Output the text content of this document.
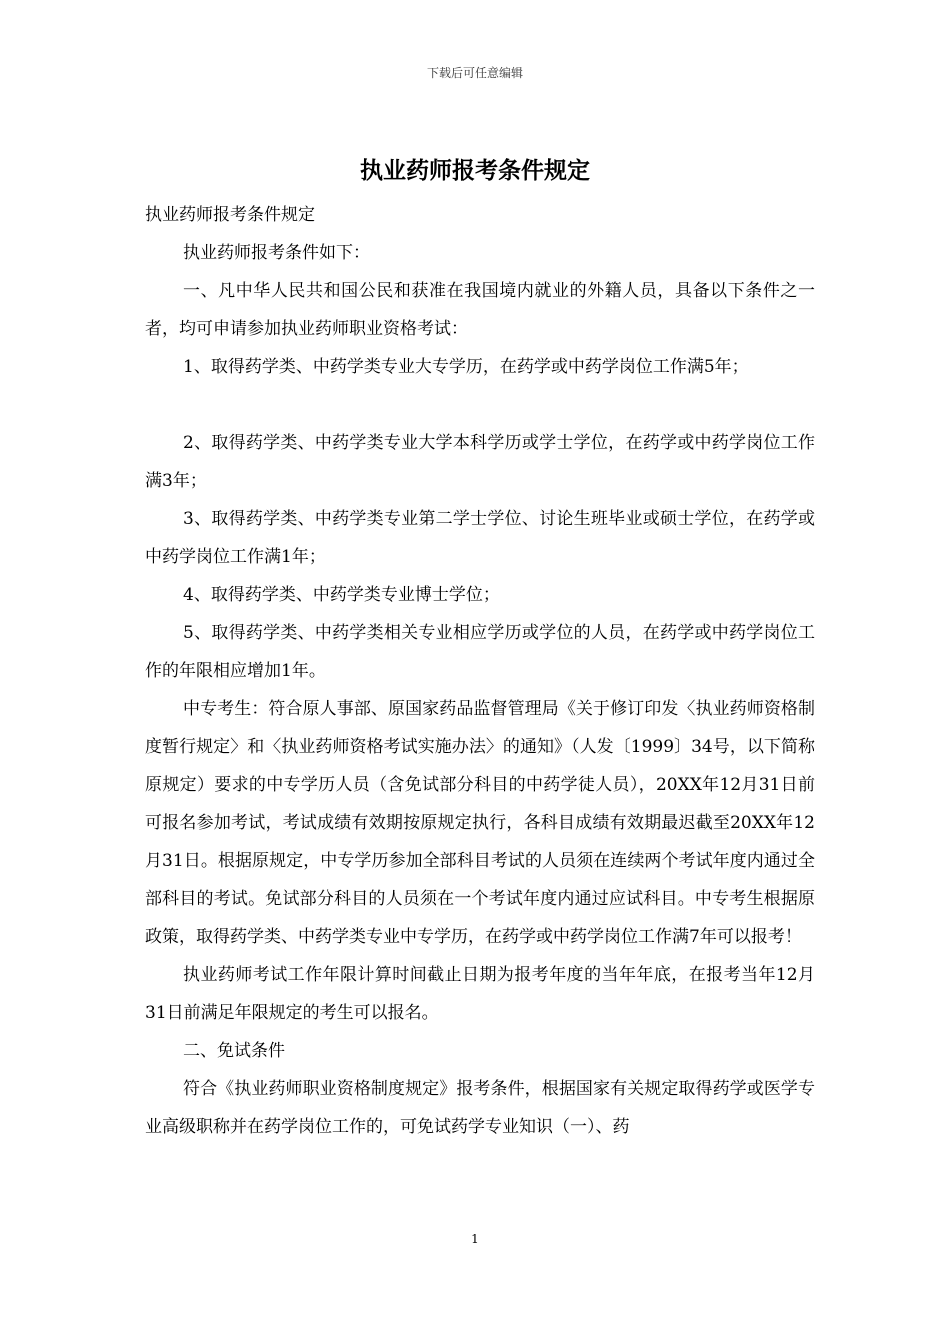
下载后可任意编辑
执业药师报考条件规定

执业药师报考条件规定

执业药师报考条件如下：

一、凡中华人民共和国公民和获准在我国境内就业的外籍人员，具备以下条件之一者，均可申请参加执业药师职业资格考试：

1、取得药学类、中药学类专业大专学历，在药学或中药学岗位工作满5年；

2、取得药学类、中药学类专业大学本科学历或学士学位，在药学或中药学岗位工作满3年；

3、取得药学类、中药学类专业第二学士学位、讨论生班毕业或硕士学位，在药学或中药学岗位工作满1年；

4、取得药学类、中药学类专业博士学位；

5、取得药学类、中药学类相关专业相应学历或学位的人员，在药学或中药学岗位工作的年限相应增加1年。

中专考生：符合原人事部、原国家药品监督管理局《关于修订印发〈执业药师资格制度暂行规定〉和〈执业药师资格考试实施办法〉的通知》（人发〔1999〕34号，以下简称原规定）要求的中专学历人员（含免试部分科目的中药学徒人员），20XX年12月31日前可报名参加考试，考试成绩有效期按原规定执行，各科目成绩有效期最迟截至20XX年12月31日。根据原规定，中专学历参加全部科目考试的人员须在连续两个考试年度内通过全部科目的考试。免试部分科目的人员须在一个考试年度内通过应试科目。中专考生根据原政策，取得药学类、中药学类专业中专学历，在药学或中药学岗位工作满7年可以报考！

执业药师考试工作年限计算时间截止日期为报考年度的当年年底，在报考当年12月31日前满足年限规定的考生可以报名。

二、免试条件

符合《执业药师职业资格制度规定》报考条件，根据国家有关规定取得药学或医学专业高级职称并在药学岗位工作的，可免试药学专业知识（一）、药

1
